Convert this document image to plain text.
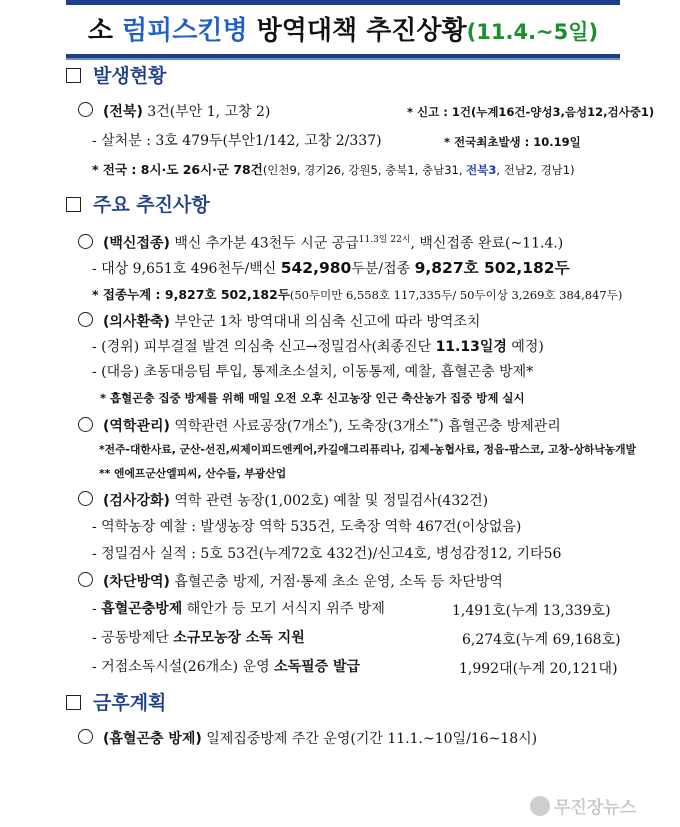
소 럼피스킨병 방역대책 추진상황(11.4.~5일)
발생현황
(전북) 3건(부안 1, 고창 2)	* 신고 : 1건(누계16건-양성3,음성12,검사중1)
- 살처분 : 3호 479두(부안1/142, 고창 2/337)	* 전국최초발생 : 10.19일
* 전국 : 8시·도 26시·군 78건(인천9, 경기26, 강원5, 충북1, 충남31, 전북3, 전남2, 경남1)
주요 추진사항
(백신접종) 백신 추가분 43천두 시군 공급$^{11.3일 22시}$, 백신접종 완료(~11.4.)
- 대상 9,651호 496천두/백신 542,980두분/접종 9,827호 502,182두
* 접종누계 : 9,827호 502,182두(50두미만 6,558호 117,335두/ 50두이상 3,269호 384,847두)
(의사환축) 부안군 1차 방역대내 의심축 신고에 따라 방역조치
- (경위) 피부결절 발견 의심축 신고→정밀검사(최종진단 11.13일경 예정)
- (대응) 초동대응팀 투입, 통제초소설치, 이동통제, 예찰, 흡혈곤충 방제*
* 흡혈곤충 집중 방제를 위해 매일 오전 오후 신고농장 인근 축산농가 집중 방제 실시
(역학관리) 역학관련 사료공장(7개소*), 도축장(3개소**) 흡혈곤충 방제관리
*전주-대한사료, 군산-선진,씨제이피드엔케어,카길애그리퓨리나, 김제-농협사료, 정읍-팜스코, 고창-상하낙농개발
** 엔에프군산엘피씨, 산수들, 부광산업
(검사강화) 역학 관련 농장(1,002호) 예찰 및 정밀검사(432건)
- 역학농장 예찰 : 발생농장 역학 535건, 도축장 역학 467건(이상없음)
- 정밀검사 실적 : 5호 53건(누계72호 432건)/신고4호, 병성감정12, 기타56
(차단방역) 흡혈곤충 방제, 거점·통제 초소 운영, 소독 등 차단방역
- 흡혈곤충방제 해안가 등 모기 서식지 위주 방제	1,491호(누계 13,339호)
- 공동방제단 소규모농장 소독 지원	6,274호(누계 69,168호)
- 거점소독시설(26개소) 운영 소독필증 발급	1,992대(누계 20,121대)
금후계획
(흡혈곤충 방제) 일제집중방제 주간 운영(기간 11.1.~10일/16~18시)
무진장뉴스
